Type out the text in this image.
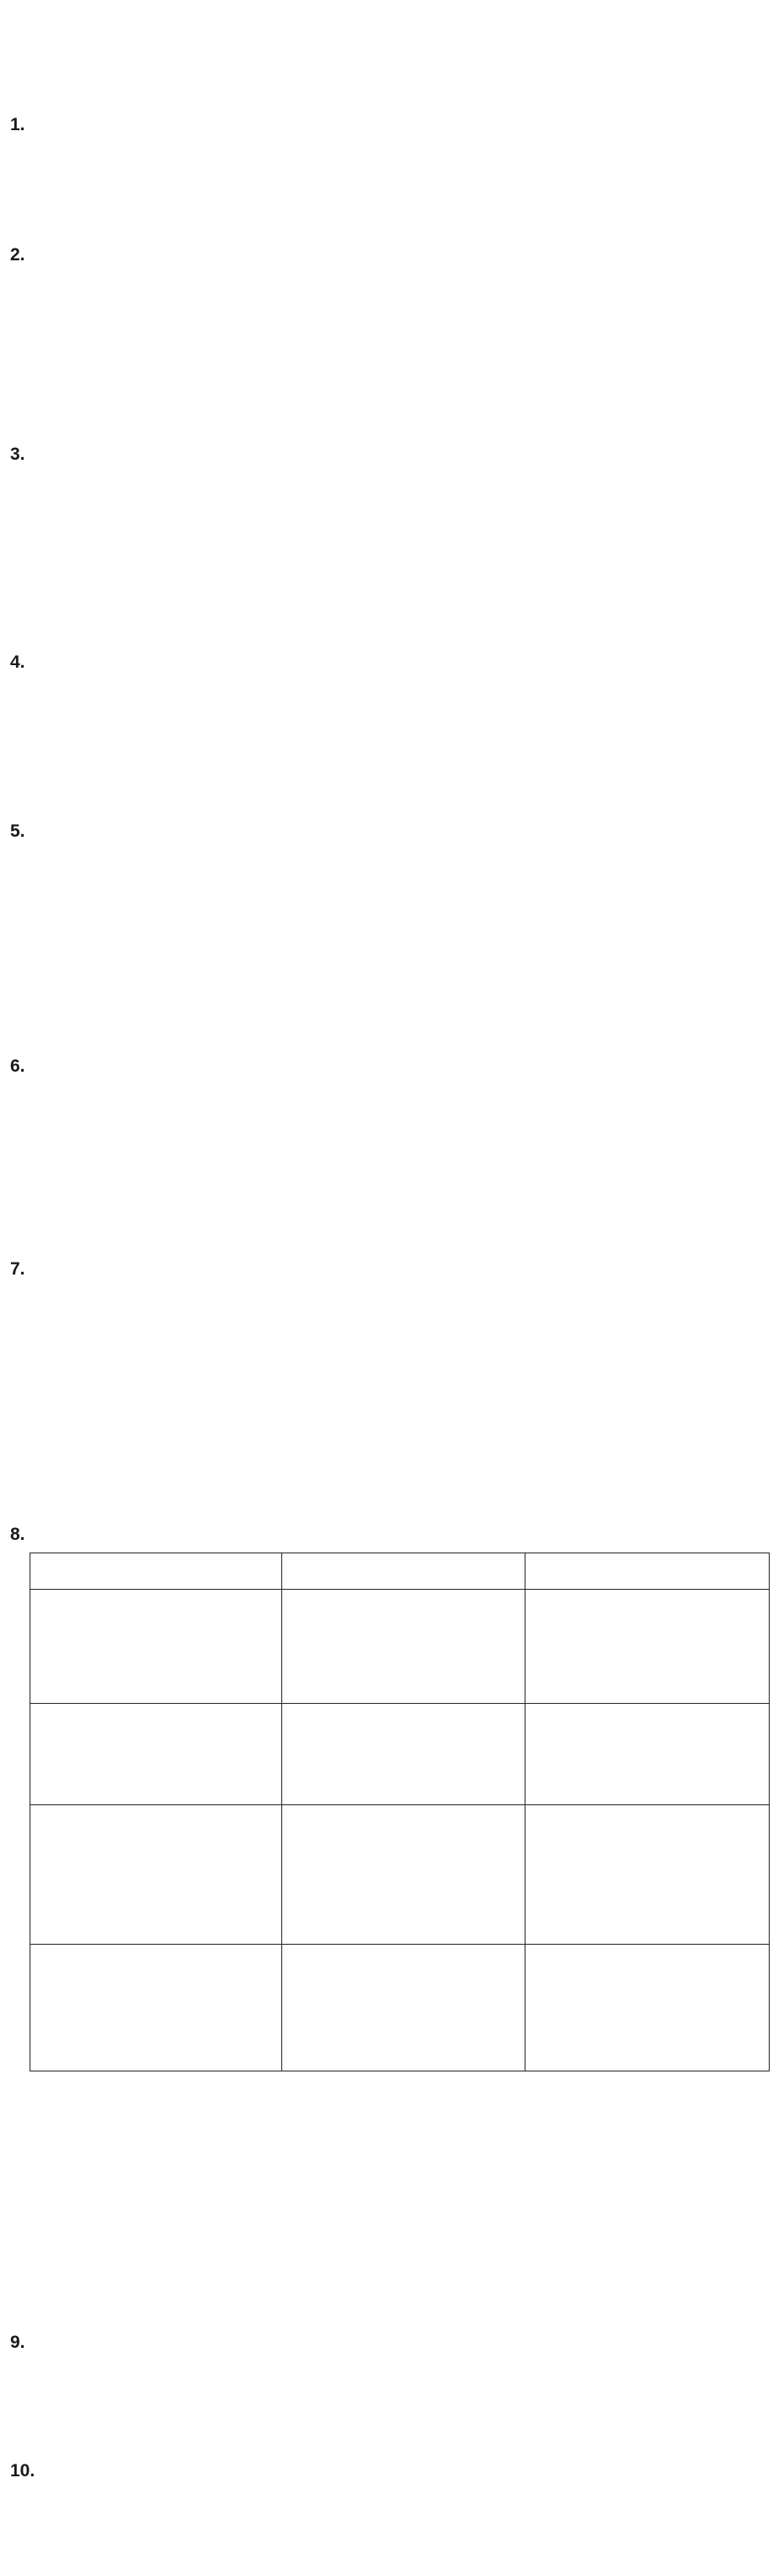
1.

2.

3.

4.

5.

6.

7.

8.

9.

10.
